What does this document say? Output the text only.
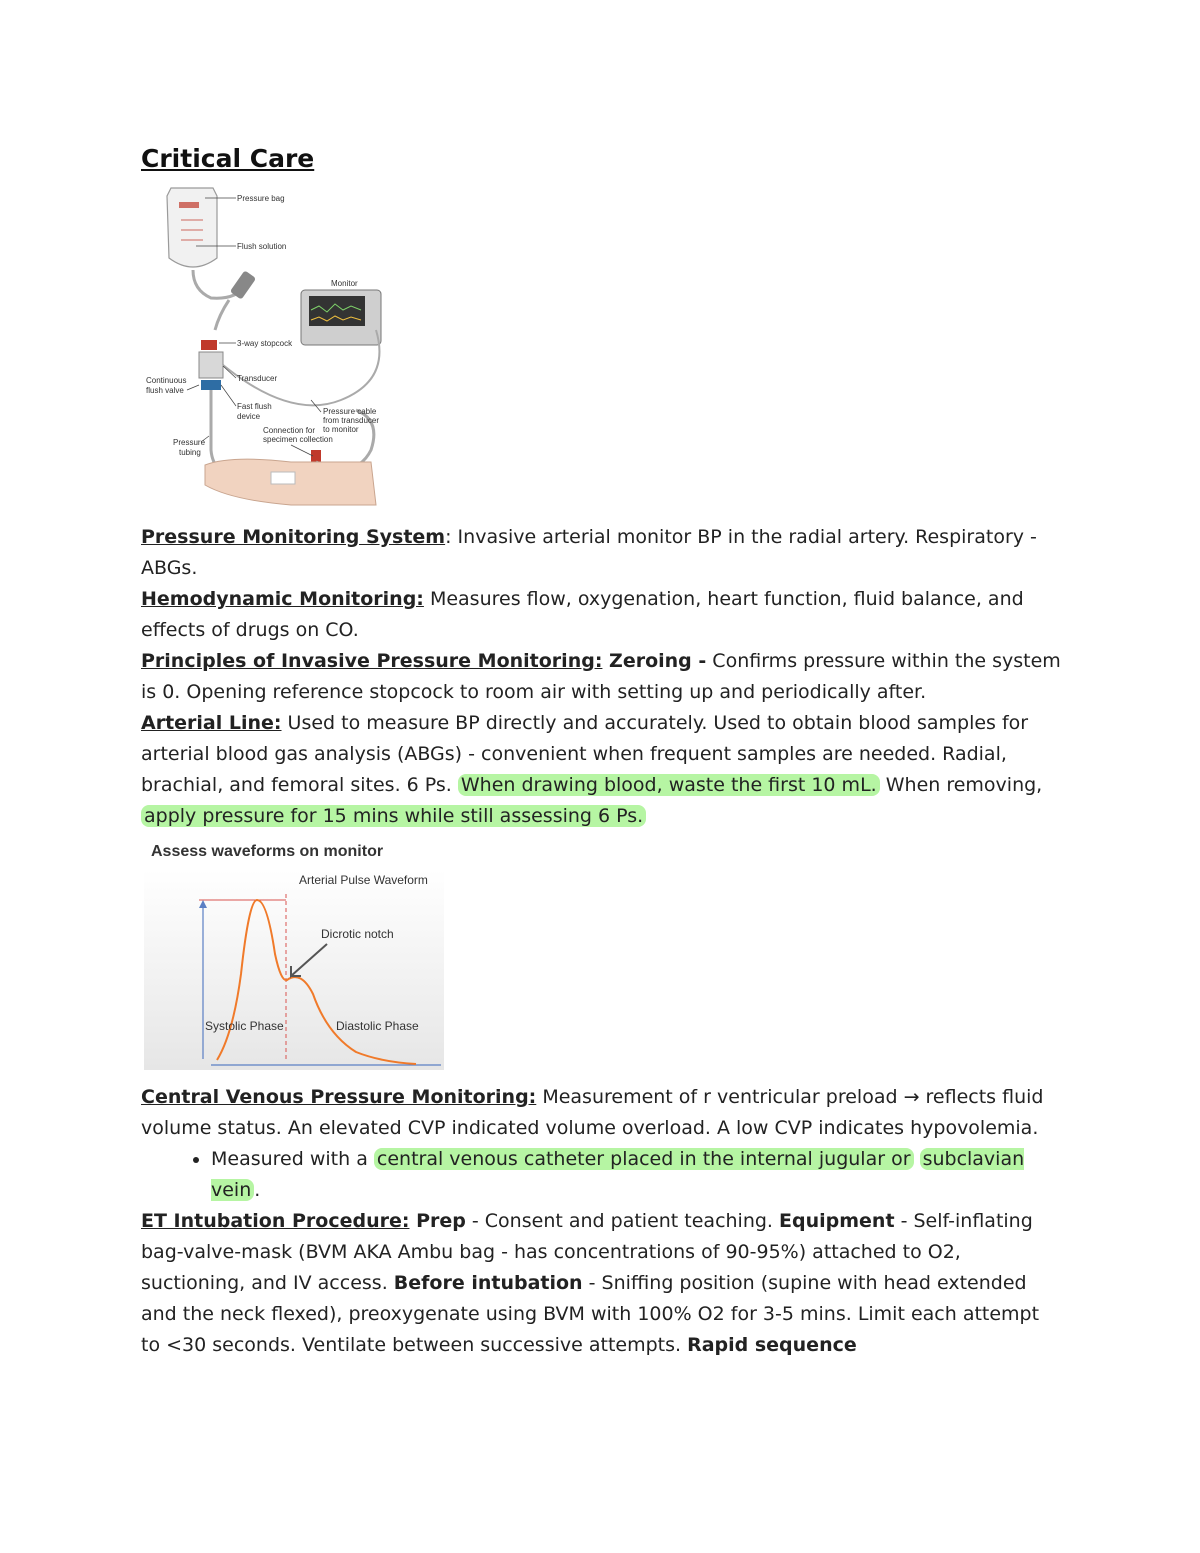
Critical Care
Pressure bag
Flush solution
Monitor
3-way stopcock
Transducer
Continuous
flush valve
Fast flush
device
Pressure cable
from transducer
to monitor
Connection for
specimen collection
Pressure
tubing

Pressure Monitoring System: Invasive arterial monitor BP in the radial artery. Respiratory -ABGs.

Hemodynamic Monitoring: Measures flow, oxygenation, heart function, fluid balance, and effects of drugs on CO.

Principles of Invasive Pressure Monitoring: Zeroing - Confirms pressure within the system is 0. Opening reference stopcock to room air with setting up and periodically after.

Arterial Line: Used to measure BP directly and accurately. Used to obtain blood samples for arterial blood gas analysis (ABGs) - convenient when frequent samples are needed. Radial, brachial, and femoral sites. 6 Ps. When drawing blood, waste the first 10 mL. When removing, apply pressure for 15 mins while still assessing 6 Ps.

Assess waveforms on monitor
Arterial Pulse Waveform
Dicrotic notch
Systolic Phase	Diastolic Phase

Central Venous Pressure Monitoring: Measurement of r ventricular preload → reflects fluid volume status. An elevated CVP indicated volume overload. A low CVP indicates hypovolemia.

• Measured with a central venous catheter placed in the internal jugular or subclavian vein .

ET Intubation Procedure: Prep - Consent and patient teaching. Equipment - Self-inflating bag-valve-mask (BVM AKA Ambu bag - has concentrations of 90-95%) attached to O2, suctioning, and IV access. Before intubation - Sniffing position (supine with head extended and the neck flexed), preoxygenate using BVM with 100% O2 for 3-5 mins. Limit each attempt to <30 seconds. Ventilate between successive attempts. Rapid sequence
